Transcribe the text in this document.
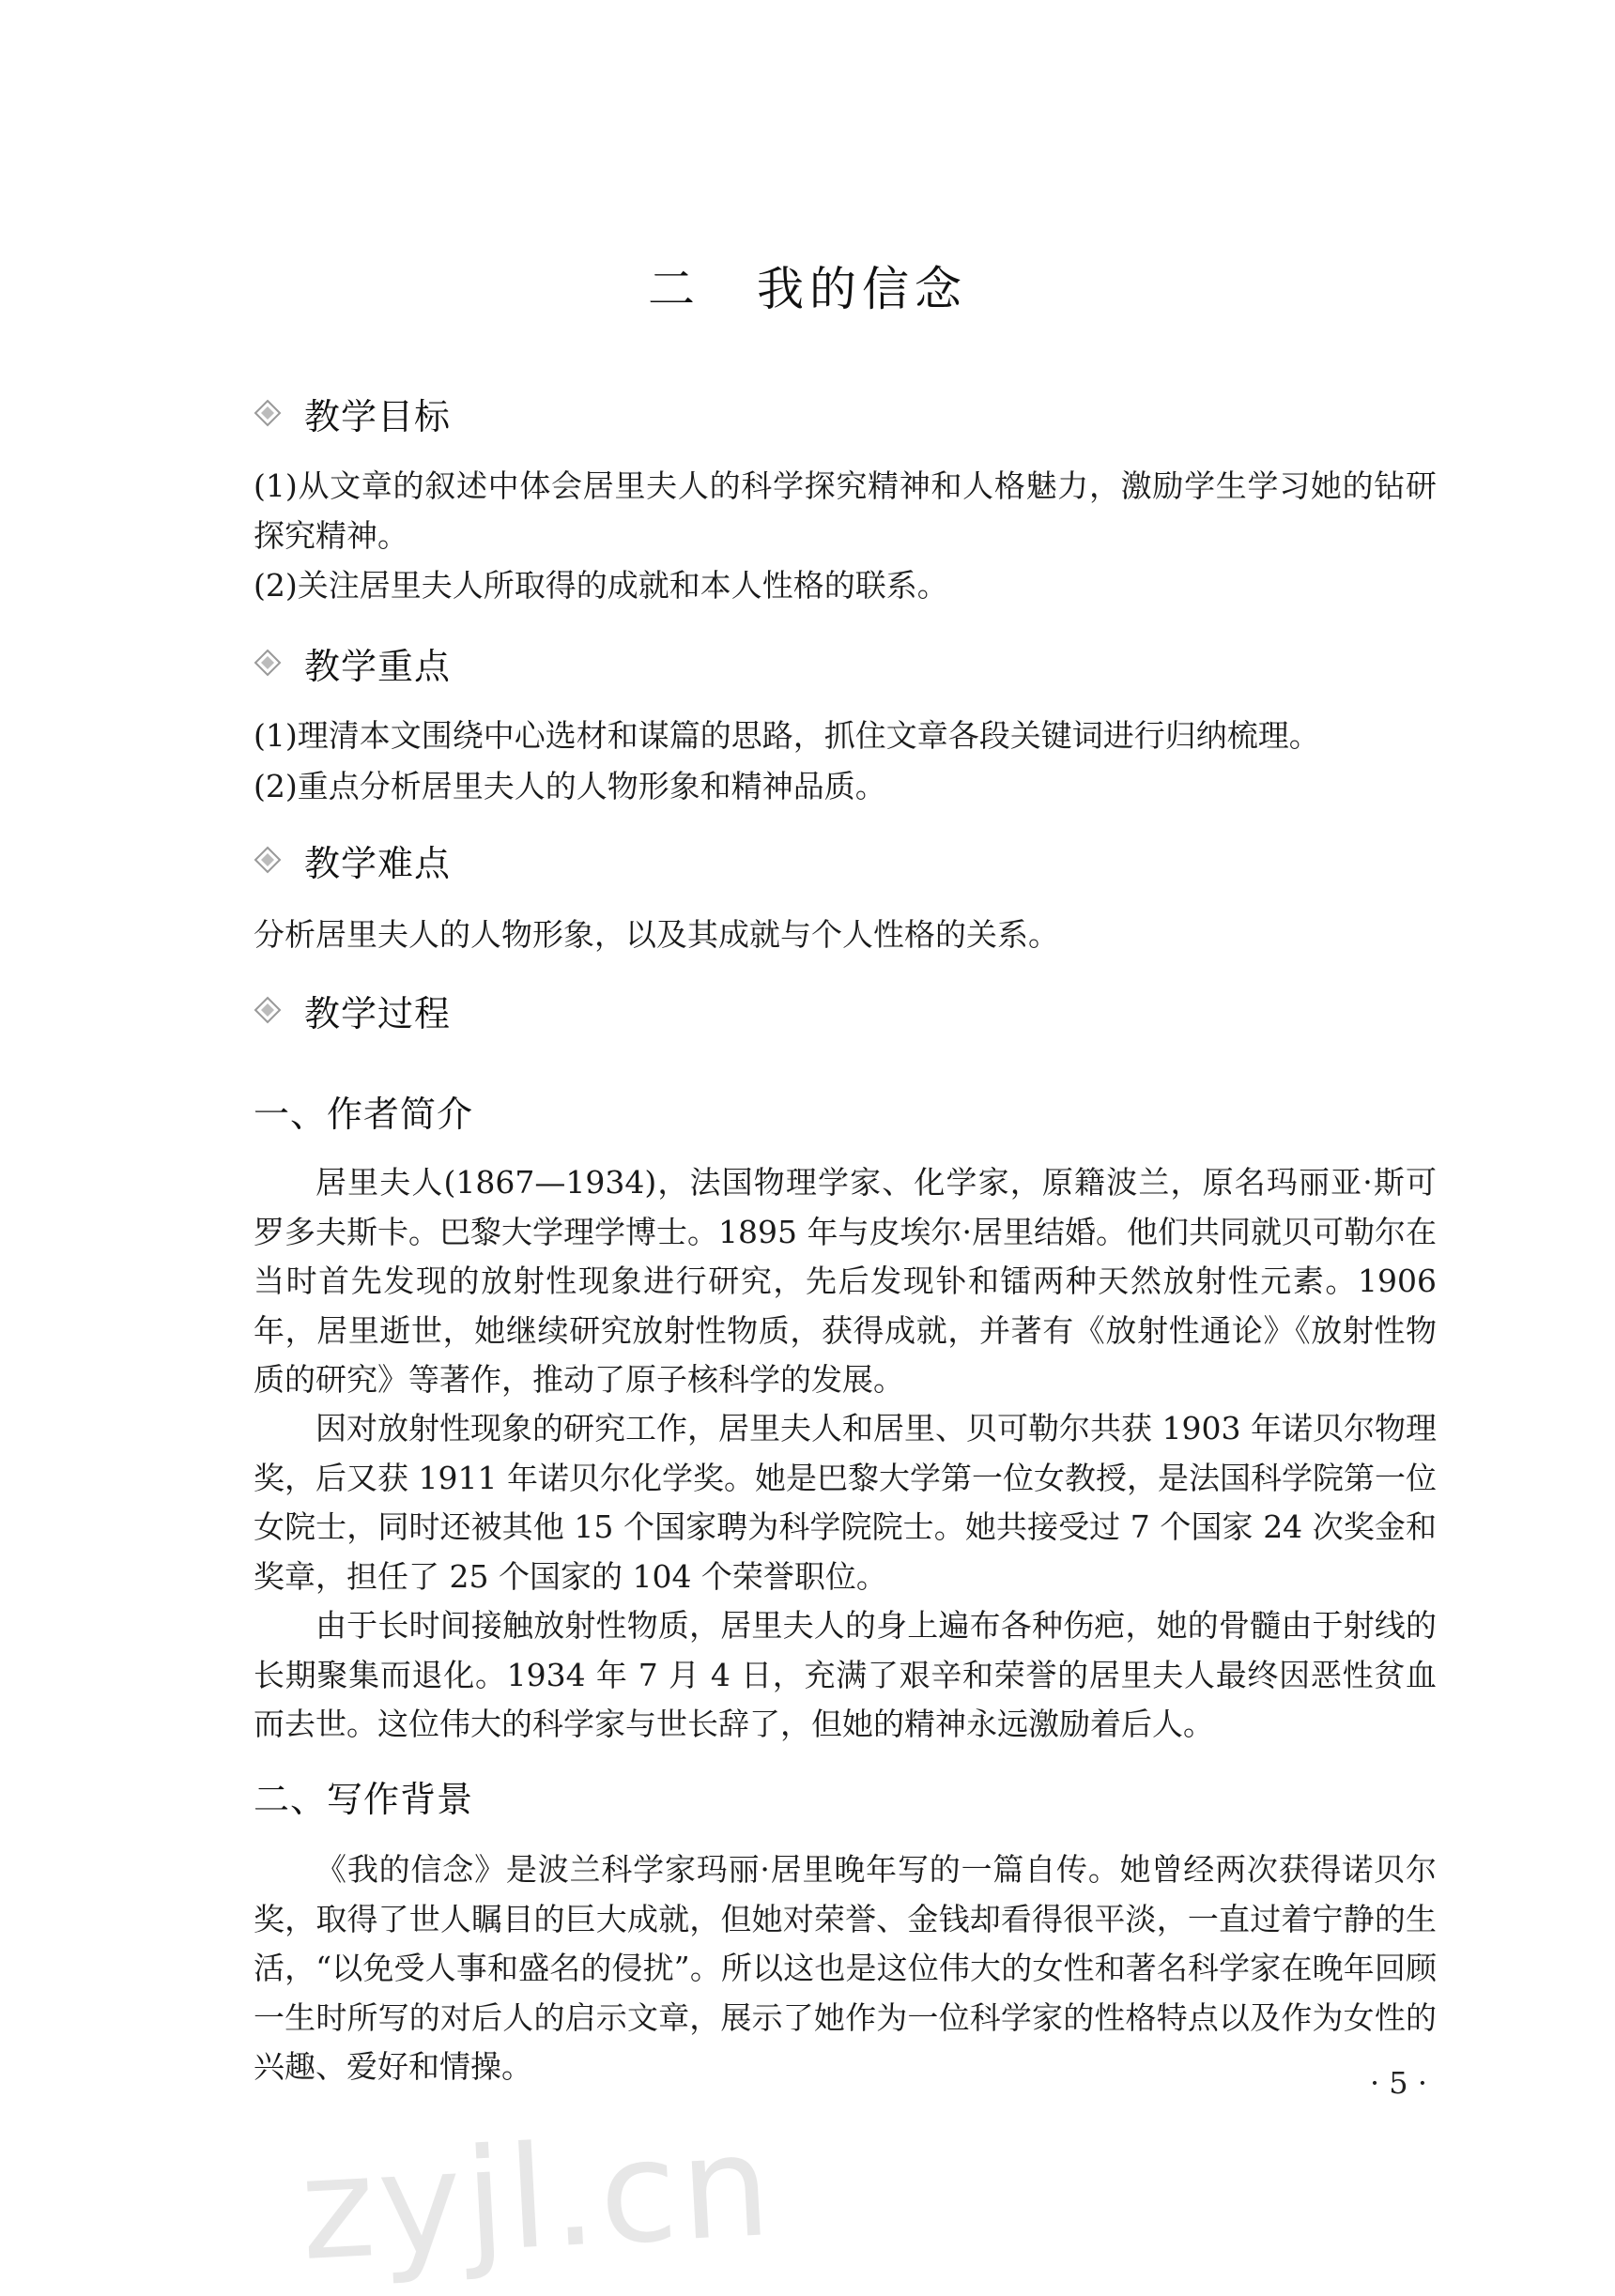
二 我的信念
教学目标
(1)从文章的叙述中体会居里夫人的科学探究精神和人格魅力，激励学生学习她的钻研探究精神。
(2)关注居里夫人所取得的成就和本人性格的联系。
教学重点
(1)理清本文围绕中心选材和谋篇的思路，抓住文章各段关键词进行归纳梳理。
(2)重点分析居里夫人的人物形象和精神品质。
教学难点
分析居里夫人的人物形象，以及其成就与个人性格的关系。
教学过程
一、作者简介
居里夫人(1867—1934)，法国物理学家、化学家，原籍波兰，原名玛丽亚·斯可罗多夫斯卡。巴黎大学理学博士。1895 年与皮埃尔·居里结婚。他们共同就贝可勒尔在当时首先发现的放射性现象进行研究，先后发现钋和镭两种天然放射性元素。1906 年，居里逝世，她继续研究放射性物质，获得成就，并著有《放射性通论》《放射性物质的研究》等著作，推动了原子核科学的发展。
因对放射性现象的研究工作，居里夫人和居里、贝可勒尔共获 1903 年诺贝尔物理奖，后又获 1911 年诺贝尔化学奖。她是巴黎大学第一位女教授，是法国科学院第一位女院士，同时还被其他 15 个国家聘为科学院院士。她共接受过 7 个国家 24 次奖金和奖章，担任了 25 个国家的 104 个荣誉职位。
由于长时间接触放射性物质，居里夫人的身上遍布各种伤疤，她的骨髓由于射线的长期聚集而退化。1934 年 7 月 4 日，充满了艰辛和荣誉的居里夫人最终因恶性贫血而去世。这位伟大的科学家与世长辞了，但她的精神永远激励着后人。
二、写作背景
《我的信念》是波兰科学家玛丽·居里晚年写的一篇自传。她曾经两次获得诺贝尔奖，取得了世人瞩目的巨大成就，但她对荣誉、金钱却看得很平淡，一直过着宁静的生活，“以免受人事和盛名的侵扰”。所以这也是这位伟大的女性和著名科学家在晚年回顾一生时所写的对后人的启示文章，展示了她作为一位科学家的性格特点以及作为女性的兴趣、爱好和情操。	· 5 ·
zyjl.cn
